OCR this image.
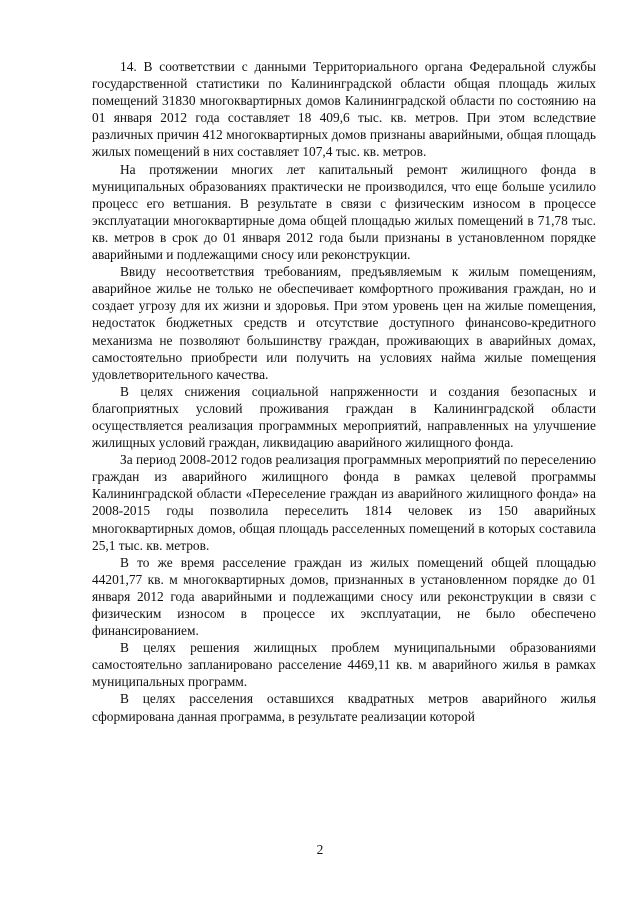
14. В соответствии с данными Территориального органа Федеральной службы государственной статистики по Калининградской области общая площадь жилых помещений 31830 многоквартирных домов Калининградской области по состоянию на 01 января 2012 года составляет 18 409,6 тыс. кв. метров. При этом вследствие различных причин 412 многоквартирных домов признаны аварийными, общая площадь жилых помещений в них составляет 107,4 тыс. кв. метров.

На протяжении многих лет капитальный ремонт жилищного фонда в муниципальных образованиях практически не производился, что еще больше усилило процесс его ветшания. В результате в связи с физическим износом в процессе эксплуатации многоквартирные дома общей площадью жилых помещений в 71,78 тыс. кв. метров в срок до 01 января 2012 года были признаны в установленном порядке аварийными и подлежащими сносу или реконструкции.

Ввиду несоответствия требованиям, предъявляемым к жилым помещениям, аварийное жилье не только не обеспечивает комфортного проживания граждан, но и создает угрозу для их жизни и здоровья. При этом уровень цен на жилые помещения, недостаток бюджетных средств и отсутствие доступного финансово-кредитного механизма не позволяют большинству граждан, проживающих в аварийных домах, самостоятельно приобрести или получить на условиях найма жилые помещения удовлетворительного качества.

В целях снижения социальной напряженности и создания безопасных и благоприятных условий проживания граждан в Калининградской области осуществляется реализация программных мероприятий, направленных на улучшение жилищных условий граждан, ликвидацию аварийного жилищного фонда.

За период 2008-2012 годов реализация программных мероприятий по переселению граждан из аварийного жилищного фонда в рамках целевой программы Калининградской области «Переселение граждан из аварийного жилищного фонда» на 2008-2015 годы позволила переселить 1814 человек из 150 аварийных многоквартирных домов, общая площадь расселенных помещений в которых составила 25,1 тыс. кв. метров.

В то же время расселение граждан из жилых помещений общей площадью 44201,77 кв. м многоквартирных домов, признанных в установленном порядке до 01 января 2012 года аварийными и подлежащими сносу или реконструкции в связи с физическим износом в процессе их эксплуатации, не было обеспечено финансированием.

В целях решения жилищных проблем муниципальными образованиями самостоятельно запланировано расселение 4469,11 кв. м аварийного жилья в рамках муниципальных программ.

В целях расселения оставшихся квадратных метров аварийного жилья сформирована данная программа, в результате реализации которой

2
